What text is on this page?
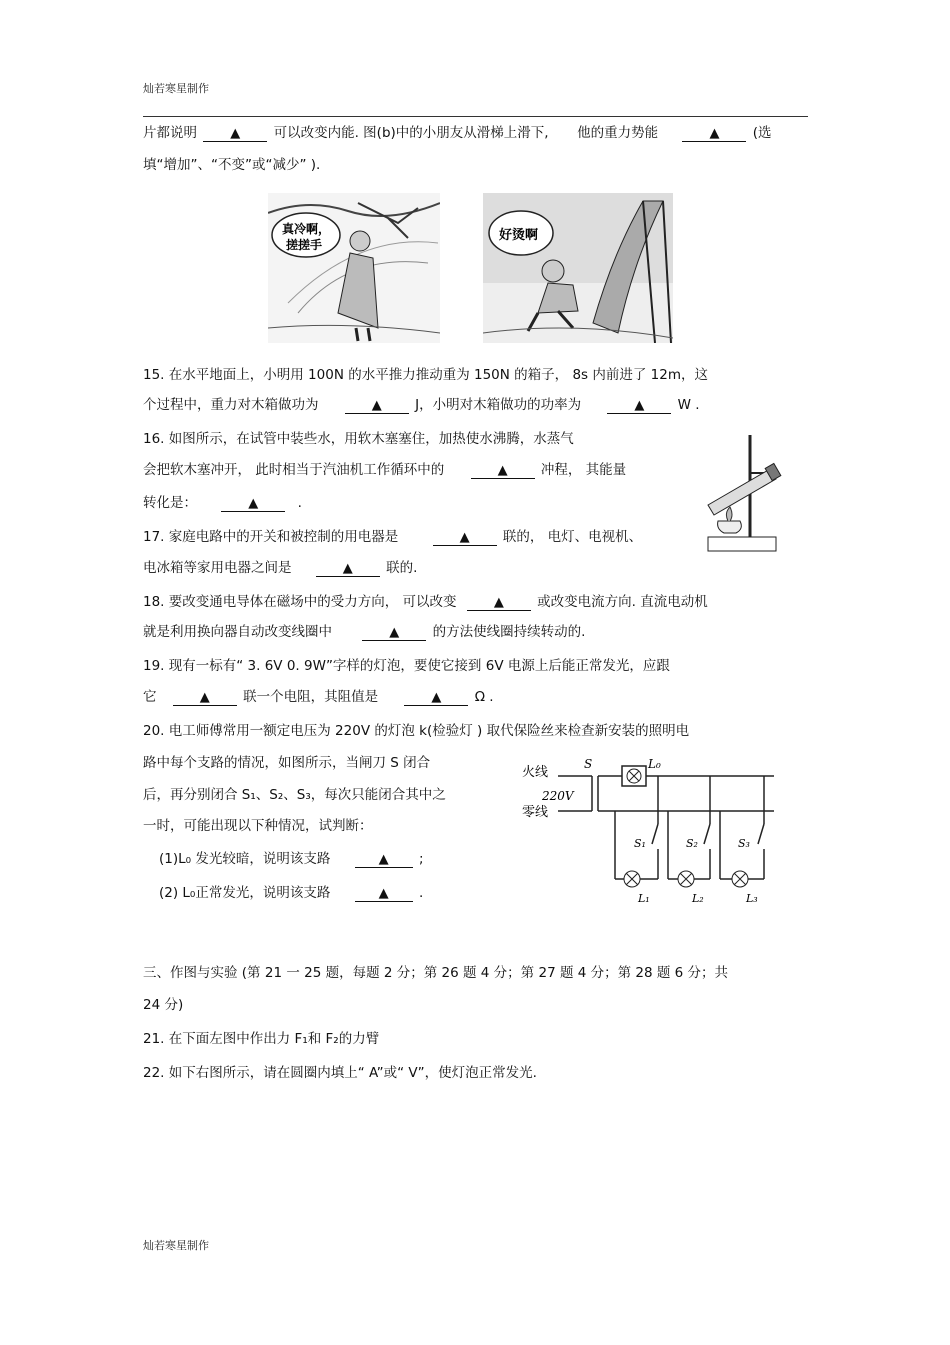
灿若寒星制作
片都说明	▲ 可以改变内能. 图(b)中的小朋友从滑梯上滑下, 他的重力势能	▲ (选
填“增加”、“不变”或“减少” ).
真冷啊，
搓搓手
好烫啊
15. 在水平地面上，小明用 100N 的水平推力推动重为 150N 的箱子， 8s 内前进了 12m，这
个过程中，重力对木箱做功为	▲ J，小明对木箱做功的功率为	▲ W .
16. 如图所示，在试管中装些水，用软木塞塞住，加热使水沸腾，水蒸气
会把软木塞冲开， 此时相当于汽油机工作循环中的	▲ 冲程， 其能量
转化是：	▲	.
17. 家庭电路中的开关和被控制的用电器是	▲ 联的， 电灯、电视机、
电冰箱等家用电器之间是	▲ 联的.
18. 要改变通电导体在磁场中的受力方向， 可以改变	▲ 或改变电流方向. 直流电动机
就是利用换向器自动改变线圈中	▲ 的方法使线圈持续转动的.
19. 现有一标有“ 3. 6V 0. 9W”字样的灯泡，要使它接到 6V 电源上后能正常发光，应跟
它	▲ 联一个电阻，其阻值是	▲ Ω .
20. 电工师傅常用一额定电压为 220V 的灯泡 k(检验灯 ) 取代保险丝来检查新安装的照明电
路中每个支路的情况，如图所示，当闸刀 S 闭合
后，再分别闭合 S₁、S₂、S₃，每次只能闭合其中之
一时，可能出现以下种情况，试判断：
(1)L₀ 发光较暗，说明该支路	▲ ;
(2) L₀正常发光，说明该支路	▲ .
火线
220V
零线
S	L₀
S₁	S₂	S₃
L₁	L₂	L₃
三、作图与实验 (第 21 一 25 题，每题 2 分；第 26 题 4 分；第 27 题 4 分；第 28 题 6 分；共
24 分)
21. 在下面左图中作出力 F₁和 F₂的力臂
22. 如下右图所示，请在圆圈内填上“ A”或“ V”，使灯泡正常发光.
灿若寒星制作
